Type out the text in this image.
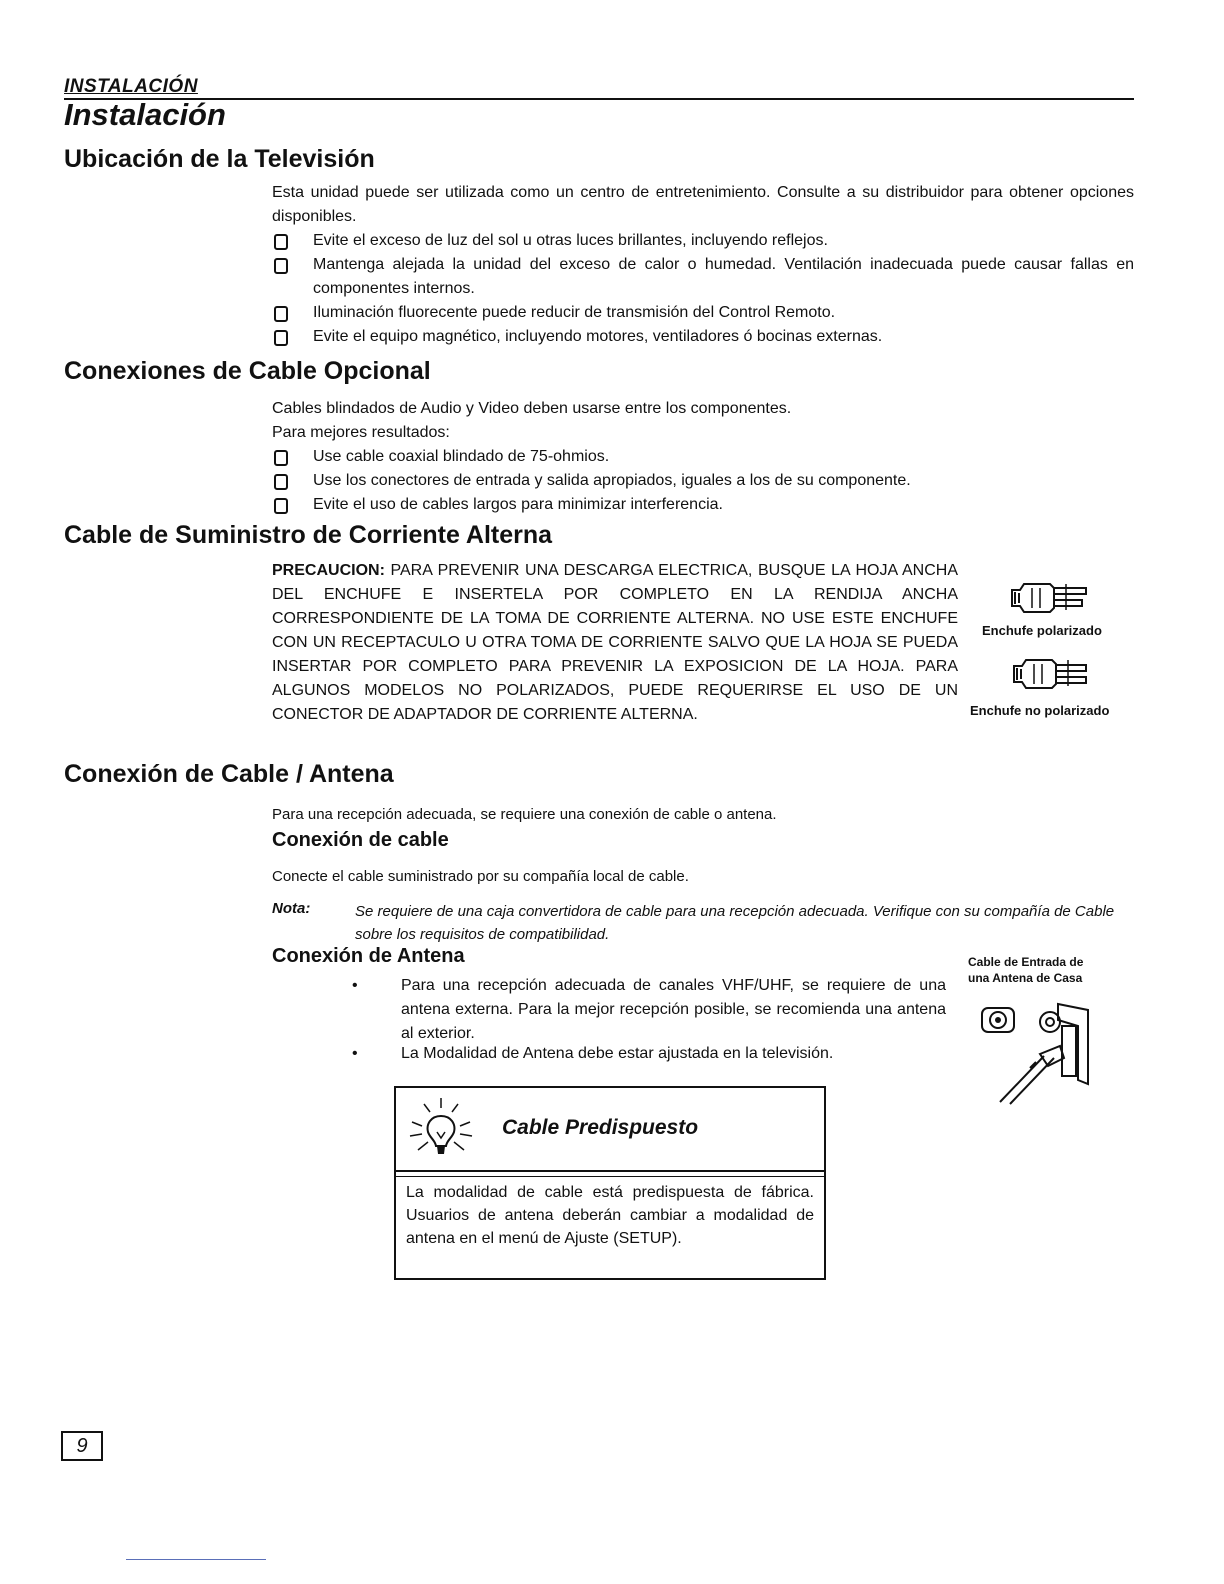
INSTALACIÓN
Instalación
Ubicación de la Televisión
Esta unidad puede ser utilizada como un centro de entretenimiento. Consulte a su distribuidor para obtener opciones disponibles.
Evite el exceso de luz del sol u otras luces brillantes, incluyendo reflejos.
Mantenga alejada la unidad del exceso de calor o humedad. Ventilación inadecuada puede causar fallas en componentes internos.
Iluminación fluorecente puede reducir de transmisión del Control Remoto.
Evite el equipo magnético, incluyendo motores, ventiladores ó bocinas externas.
Conexiones de Cable Opcional
Cables blindados de Audio y Video deben usarse entre los componentes.
Para mejores resultados:
Use cable coaxial blindado de 75-ohmios.
Use los conectores de entrada y salida apropiados, iguales a los de su componente.
Evite el uso de cables largos para minimizar interferencia.
Cable de Suministro de Corriente Alterna
PRECAUCION: PARA PREVENIR UNA DESCARGA ELECTRICA, BUSQUE LA HOJA ANCHA DEL ENCHUFE E INSERTELA POR COMPLETO EN LA RENDIJA ANCHA CORRESPONDIENTE DE LA TOMA DE CORRIENTE ALTERNA. NO USE ESTE ENCHUFE CON UN RECEPTACULO U OTRA TOMA DE CORRIENTE SALVO QUE LA HOJA SE PUEDA INSERTAR POR COMPLETO PARA PREVENIR LA EXPOSICION DE LA HOJA. PARA ALGUNOS MODELOS NO POLARIZADOS, PUEDE REQUERIRSE EL USO DE UN CONECTOR DE ADAPTADOR DE CORRIENTE ALTERNA.
Enchufe polarizado
Enchufe no polarizado
Conexión de Cable / Antena
Para una recepción adecuada, se requiere una conexión de cable o antena.
Conexión de cable
Conecte el cable suministrado por su compañía local de cable.
Nota:	Se requiere de una caja convertidora de cable para una recepción adecuada. Verifique con su compañía de Cable sobre los requisitos de compatibilidad.
Conexión de Antena
•	Para una recepción adecuada de canales VHF/UHF, se requiere de una antena externa. Para la mejor recepción posible, se recomienda una antena al exterior.
•	La Modalidad de Antena debe estar ajustada en la televisión.
Cable de Entrada de
una Antena de Casa
Cable Predispuesto
La modalidad de cable está predispuesta de fábrica. Usuarios de antena deberán cambiar a modalidad de antena en el menú de Ajuste (SETUP).
9
